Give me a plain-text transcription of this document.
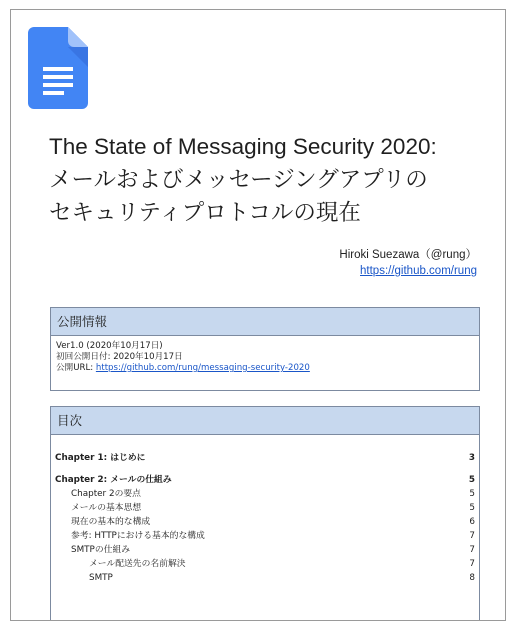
The State of Messaging Security 2020:
メールおよびメッセージングアプリの
セキュリティプロトコルの現在
Hiroki Suezawa（@rung）
https://github.com/rung
公開情報
Ver1.0 (2020年10月17日)
初回公開日付: 2020年10月17日
公開URL: https://github.com/rung/messaging-security-2020
目次
Chapter 1: はじめに	3
Chapter 2: メールの仕組み	5
Chapter 2の要点	5
メールの基本思想	5
現在の基本的な構成	6
参考: HTTPにおける基本的な構成	7
SMTPの仕組み	7
メール配送先の名前解決	7
SMTP	8
